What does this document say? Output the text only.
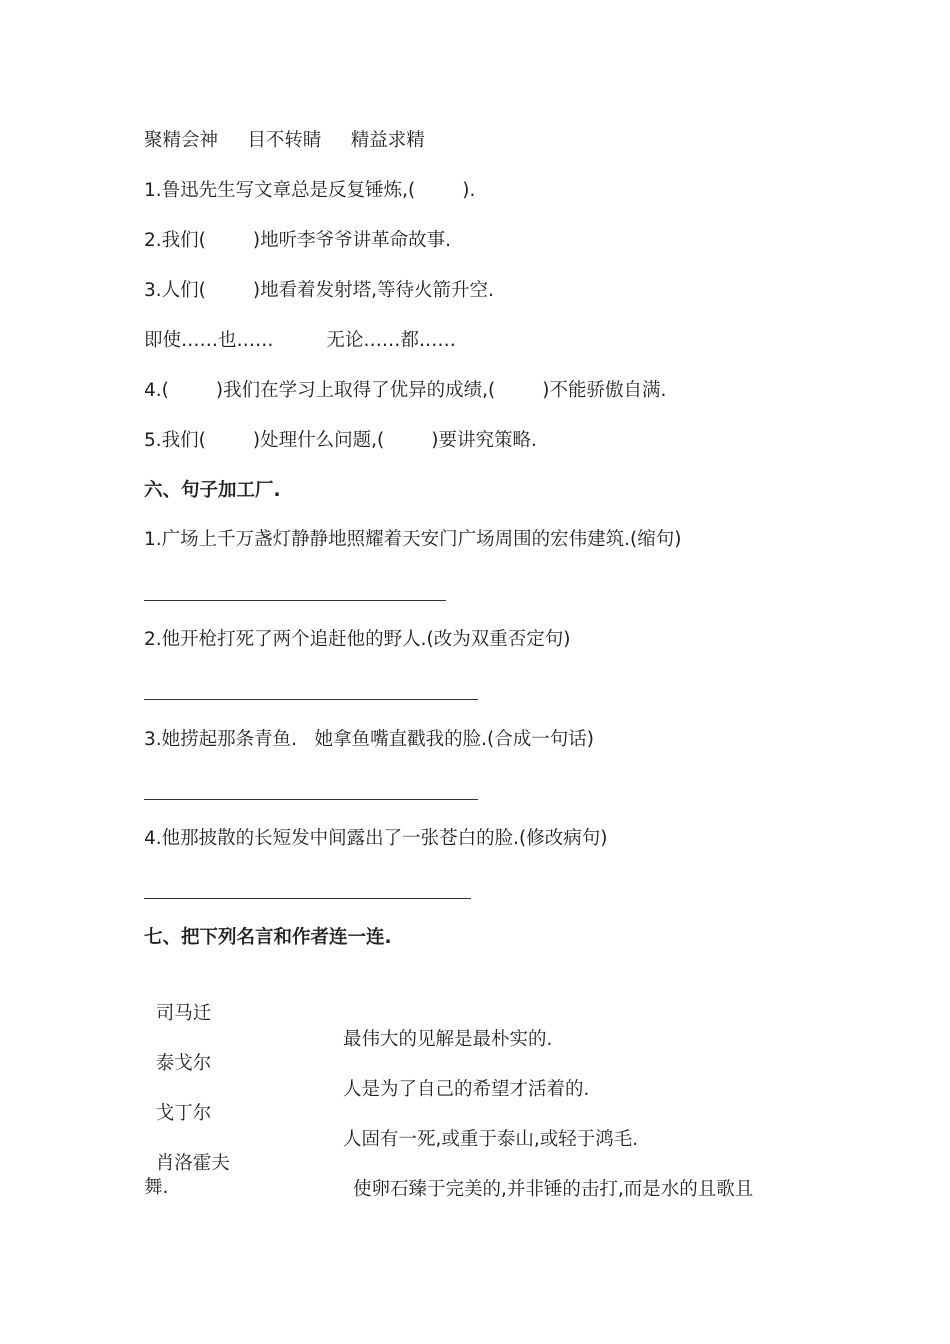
聚精会神     目不转睛     精益求精
1.鲁迅先生写文章总是反复锤炼,(        ).
2.我们(        )地听李爷爷讲革命故事.
3.人们(        )地看着发射塔,等待火箭升空.
即使……也……         无论……都……
4.(        )我们在学习上取得了优异的成绩,(        )不能骄傲自满.
5.我们(        )处理什么问题,(        )要讲究策略.
六、句子加工厂.
1.广场上千万盏灯静静地照耀着天安门广场周围的宏伟建筑.(缩句)
2.他开枪打死了两个追赶他的野人.(改为双重否定句)
3.她捞起那条青鱼.   她拿鱼嘴直戳我的脸.(合成一句话)
4.他那披散的长短发中间露出了一张苍白的脸.(修改病句)
七、把下列名言和作者连一连.

司马迁

最伟大的见解是最朴实的.

泰戈尔

人是为了自己的希望才活着的.

戈丁尔

人固有一死,或重于泰山,或轻于鸿毛.

肖洛霍夫

使卵石臻于完美的,并非锤的击打,而是水的且歌且

舞.
